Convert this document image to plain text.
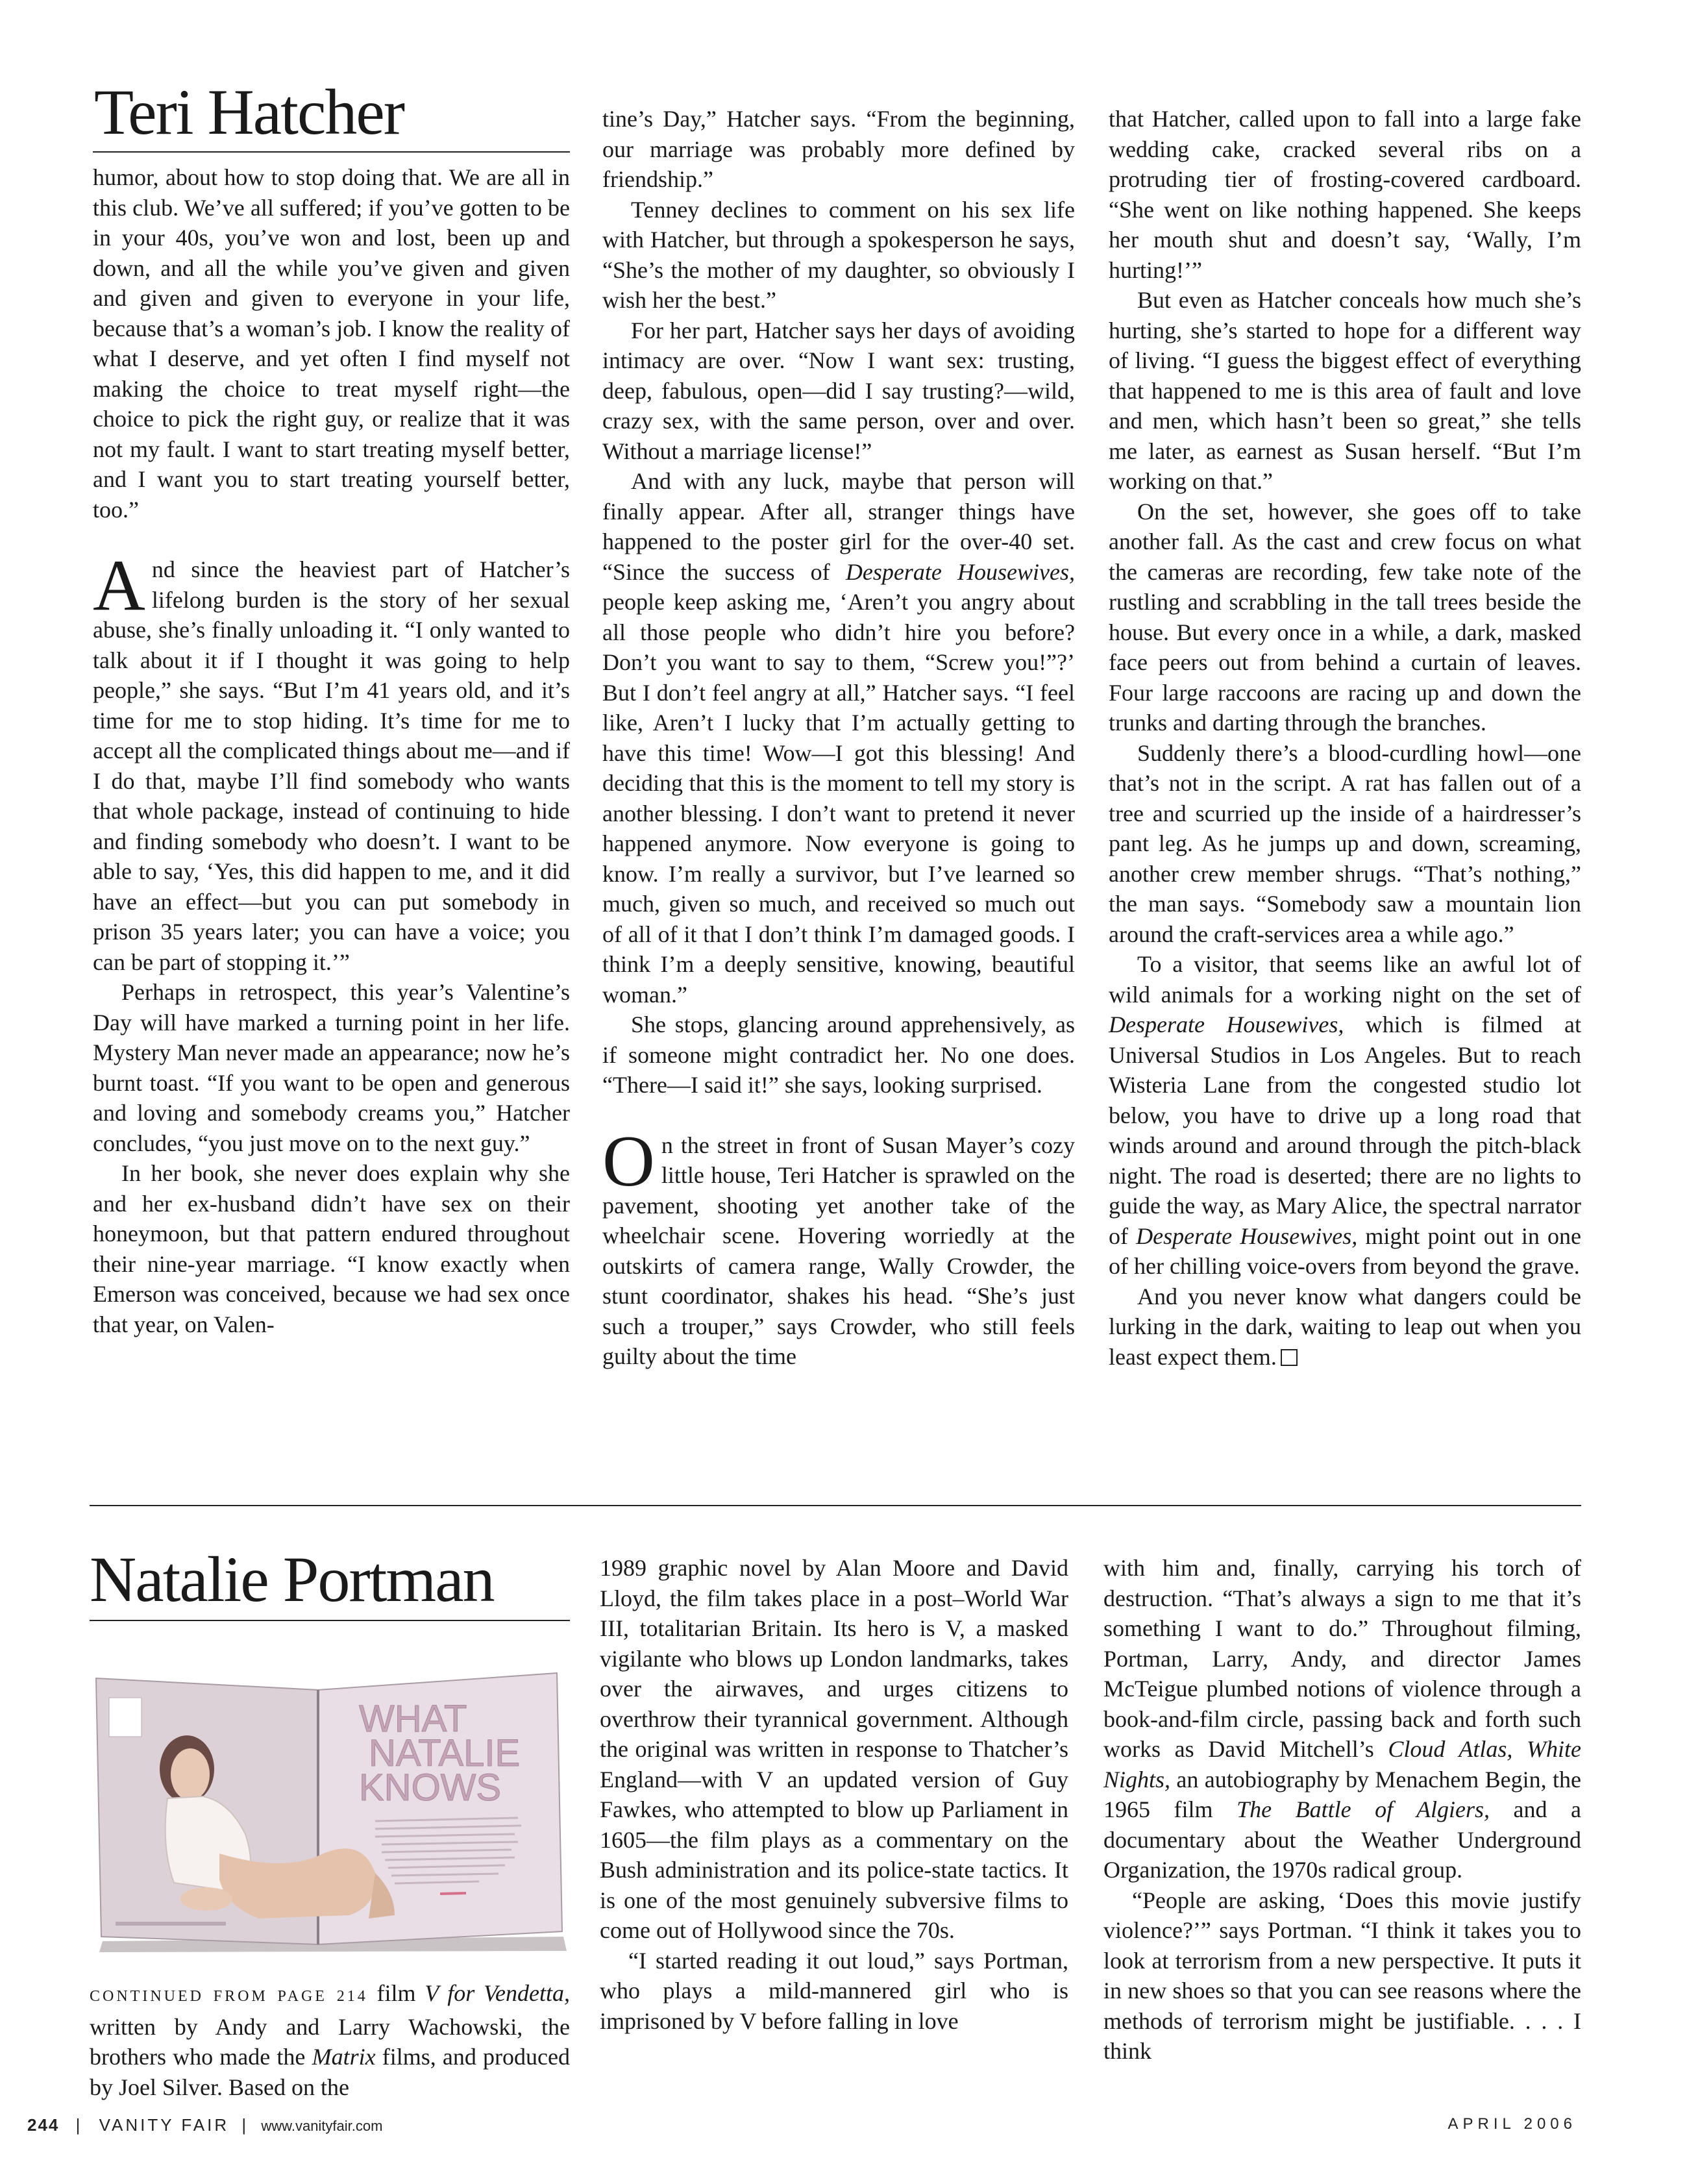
Teri Hatcher

humor, about how to stop doing that. We are all in this club. We’ve all suffered; if you’ve gotten to be in your 40s, you’ve won and lost, been up and down, and all the while you’ve given and given and given and given to everyone in your life, because that’s a woman’s job. I know the reality of what I deserve, and yet often I find myself not making the choice to treat myself right—the choice to pick the right guy, or realize that it was not my fault. I want to start treating myself better, and I want you to start treating yourself better, too.”

And since the heaviest part of Hatcher’s lifelong burden is the story of her sexual abuse, she’s finally unloading it. “I only wanted to talk about it if I thought it was going to help people,” she says. “But I’m 41 years old, and it’s time for me to stop hiding. It’s time for me to accept all the complicated things about me—and if I do that, maybe I’ll find somebody who wants that whole package, instead of continuing to hide and finding somebody who doesn’t. I want to be able to say, ‘Yes, this did happen to me, and it did have an effect—but you can put somebody in prison 35 years later; you can have a voice; you can be part of stopping it.’”

Perhaps in retrospect, this year’s Valentine’s Day will have marked a turning point in her life. Mystery Man never made an appearance; now he’s burnt toast. “If you want to be open and generous and loving and somebody creams you,” Hatcher concludes, “you just move on to the next guy.”

In her book, she never does explain why she and her ex-husband didn’t have sex on their honeymoon, but that pattern endured throughout their nine-year marriage. “I know exactly when Emerson was conceived, because we had sex once that year, on Valen-

tine’s Day,” Hatcher says. “From the beginning, our marriage was probably more defined by friendship.”

Tenney declines to comment on his sex life with Hatcher, but through a spokesperson he says, “She’s the mother of my daughter, so obviously I wish her the best.”

For her part, Hatcher says her days of avoiding intimacy are over. “Now I want sex: trusting, deep, fabulous, open—did I say trusting?—wild, crazy sex, with the same person, over and over. Without a marriage license!”

And with any luck, maybe that person will finally appear. After all, stranger things have happened to the poster girl for the over-40 set. “Since the success of Desperate Housewives, people keep asking me, ‘Aren’t you angry about all those people who didn’t hire you before? Don’t you want to say to them, “Screw you!”?’ But I don’t feel angry at all,” Hatcher says. “I feel like, Aren’t I lucky that I’m actually getting to have this time! Wow—I got this blessing! And deciding that this is the moment to tell my story is another blessing. I don’t want to pretend it never happened anymore. Now everyone is going to know. I’m really a survivor, but I’ve learned so much, given so much, and received so much out of all of it that I don’t think I’m damaged goods. I think I’m a deeply sensitive, knowing, beautiful woman.”

She stops, glancing around apprehensively, as if someone might contradict her. No one does. “There—I said it!” she says, looking surprised.

On the street in front of Susan Mayer’s cozy little house, Teri Hatcher is sprawled on the pavement, shooting yet another take of the wheelchair scene. Hovering worriedly at the outskirts of camera range, Wally Crowder, the stunt coordinator, shakes his head. “She’s just such a trouper,” says Crowder, who still feels guilty about the time

that Hatcher, called upon to fall into a large fake wedding cake, cracked several ribs on a protruding tier of frosting-covered cardboard. “She went on like nothing happened. She keeps her mouth shut and doesn’t say, ‘Wally, I’m hurting!’”

But even as Hatcher conceals how much she’s hurting, she’s started to hope for a different way of living. “I guess the biggest effect of everything that happened to me is this area of fault and love and men, which hasn’t been so great,” she tells me later, as earnest as Susan herself. “But I’m working on that.”

On the set, however, she goes off to take another fall. As the cast and crew focus on what the cameras are recording, few take note of the rustling and scrabbling in the tall trees beside the house. But every once in a while, a dark, masked face peers out from behind a curtain of leaves. Four large raccoons are racing up and down the trunks and darting through the branches.

Suddenly there’s a blood-curdling howl—one that’s not in the script. A rat has fallen out of a tree and scurried up the inside of a hairdresser’s pant leg. As he jumps up and down, screaming, another crew member shrugs. “That’s nothing,” the man says. “Somebody saw a mountain lion around the craft-services area a while ago.”

To a visitor, that seems like an awful lot of wild animals for a working night on the set of Desperate Housewives, which is filmed at Universal Studios in Los Angeles. But to reach Wisteria Lane from the congested studio lot below, you have to drive up a long road that winds around and around through the pitch-black night. The road is deserted; there are no lights to guide the way, as Mary Alice, the spectral narrator of Desperate Housewives, might point out in one of her chilling voice-overs from beyond the grave.

And you never know what dangers could be lurking in the dark, waiting to leap out when you least expect them.

Natalie Portman
WHAT
NATALIE
KNOWS

CONTINUED FROM PAGE 214 film V for Vendetta, written by Andy and Larry Wachowski, the brothers who made the Matrix films, and produced by Joel Silver. Based on the

1989 graphic novel by Alan Moore and David Lloyd, the film takes place in a post–World War III, totalitarian Britain. Its hero is V, a masked vigilante who blows up London landmarks, takes over the airwaves, and urges citizens to overthrow their tyrannical government. Although the original was written in response to Thatcher’s England—with V an updated version of Guy Fawkes, who attempted to blow up Parliament in 1605—the film plays as a commentary on the Bush administration and its police-state tactics. It is one of the most genuinely subversive films to come out of Hollywood since the 70s.

“I started reading it out loud,” says Portman, who plays a mild-mannered girl who is imprisoned by V before falling in love

with him and, finally, carrying his torch of destruction. “That’s always a sign to me that it’s something I want to do.” Throughout filming, Portman, Larry, Andy, and director James McTeigue plumbed notions of violence through a book-and-film circle, passing back and forth such works as David Mitchell’s Cloud Atlas, White Nights, an autobiography by Menachem Begin, the 1965 film The Battle of Algiers, and a documentary about the Weather Underground Organization, the 1970s radical group.

“People are asking, ‘Does this movie justify violence?’” says Portman. “I think it takes you to look at terrorism from a new perspective. It puts it in new shoes so that you can see reasons where the methods of terrorism might be justifiable. . . . I think

244 | VANITY FAIR | www.vanityfair.com	APRIL 2006
